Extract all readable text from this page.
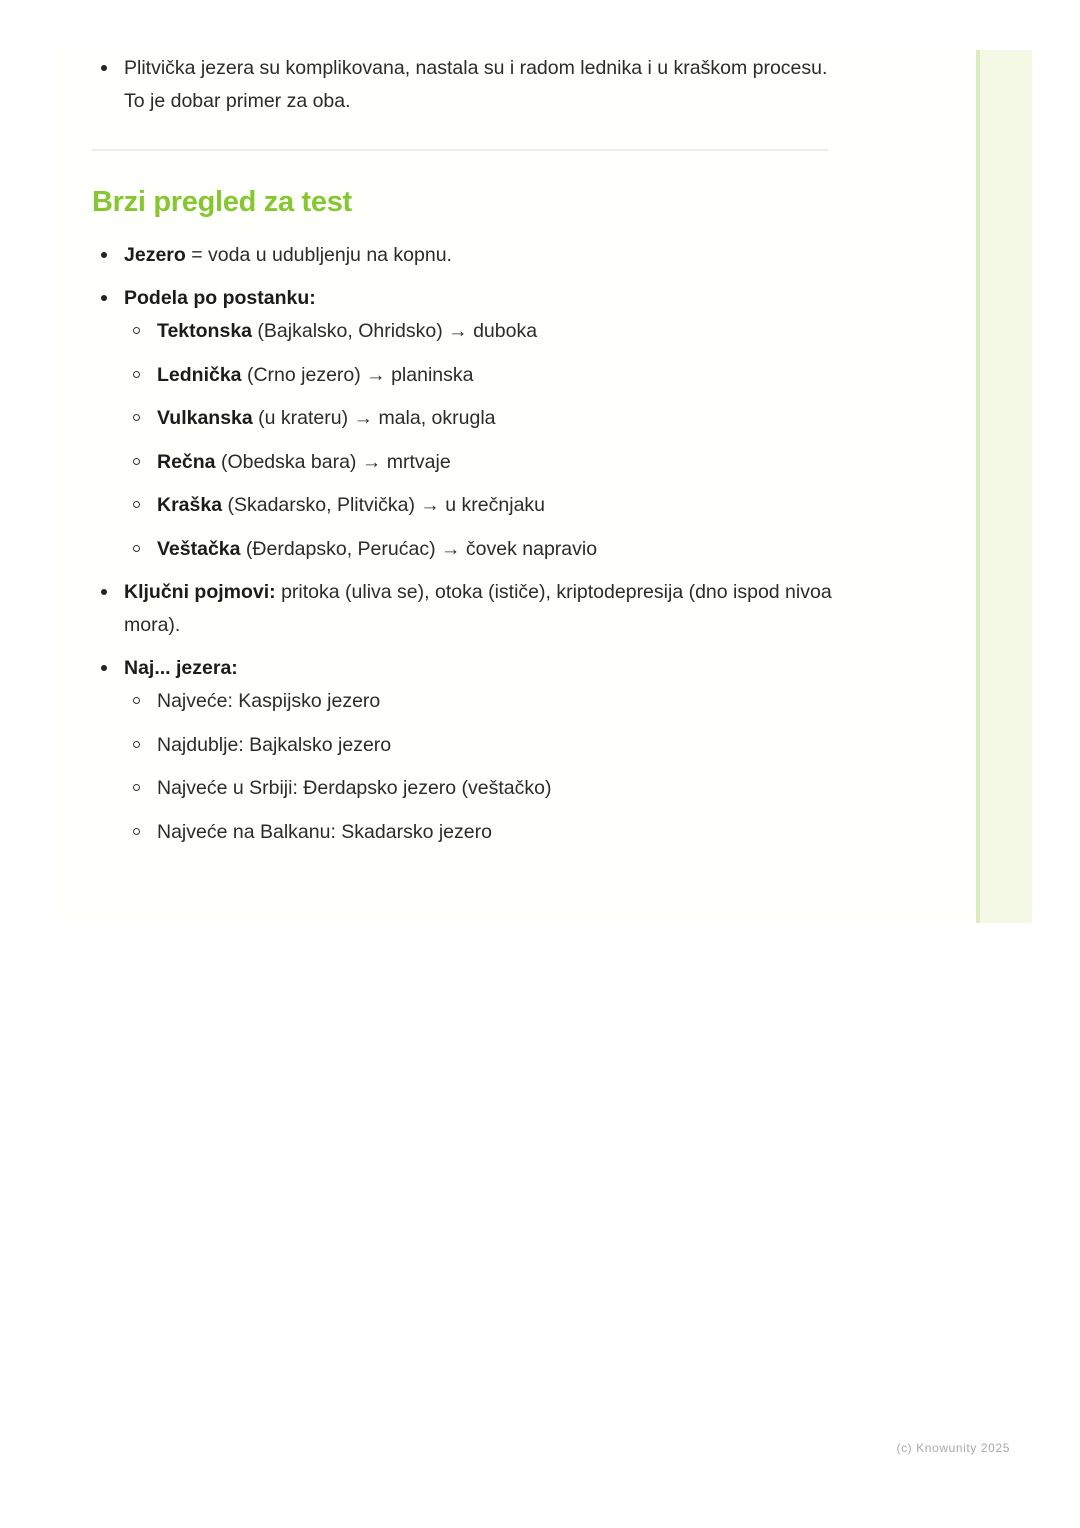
Plitvička jezera su komplikovana, nastala su i radom lednika i u kraškom procesu. To je dobar primer za oba.
Brzi pregled za test
Jezero = voda u udubljenju na kopnu.
Podela po postanku:
Tektonska (Bajkalsko, Ohridsko) → duboka
Lednička (Crno jezero) → planinska
Vulkanska (u krateru) → mala, okrugla
Rečna (Obedska bara) → mrtvaje
Kraška (Skadarsko, Plitvička) → u krečnjaku
Veštačka (Đerdapsko, Perućac) → čovek napravio
Ključni pojmovi: pritoka (uliva se), otoka (ističe), kriptodepresija (dno ispod nivoa mora).
Naj... jezera:
Najveće: Kaspijsko jezero
Najdublje: Bajkalsko jezero
Najveće u Srbiji: Đerdapsko jezero (veštačko)
Najveće na Balkanu: Skadarsko jezero
(c) Knowunity 2025
